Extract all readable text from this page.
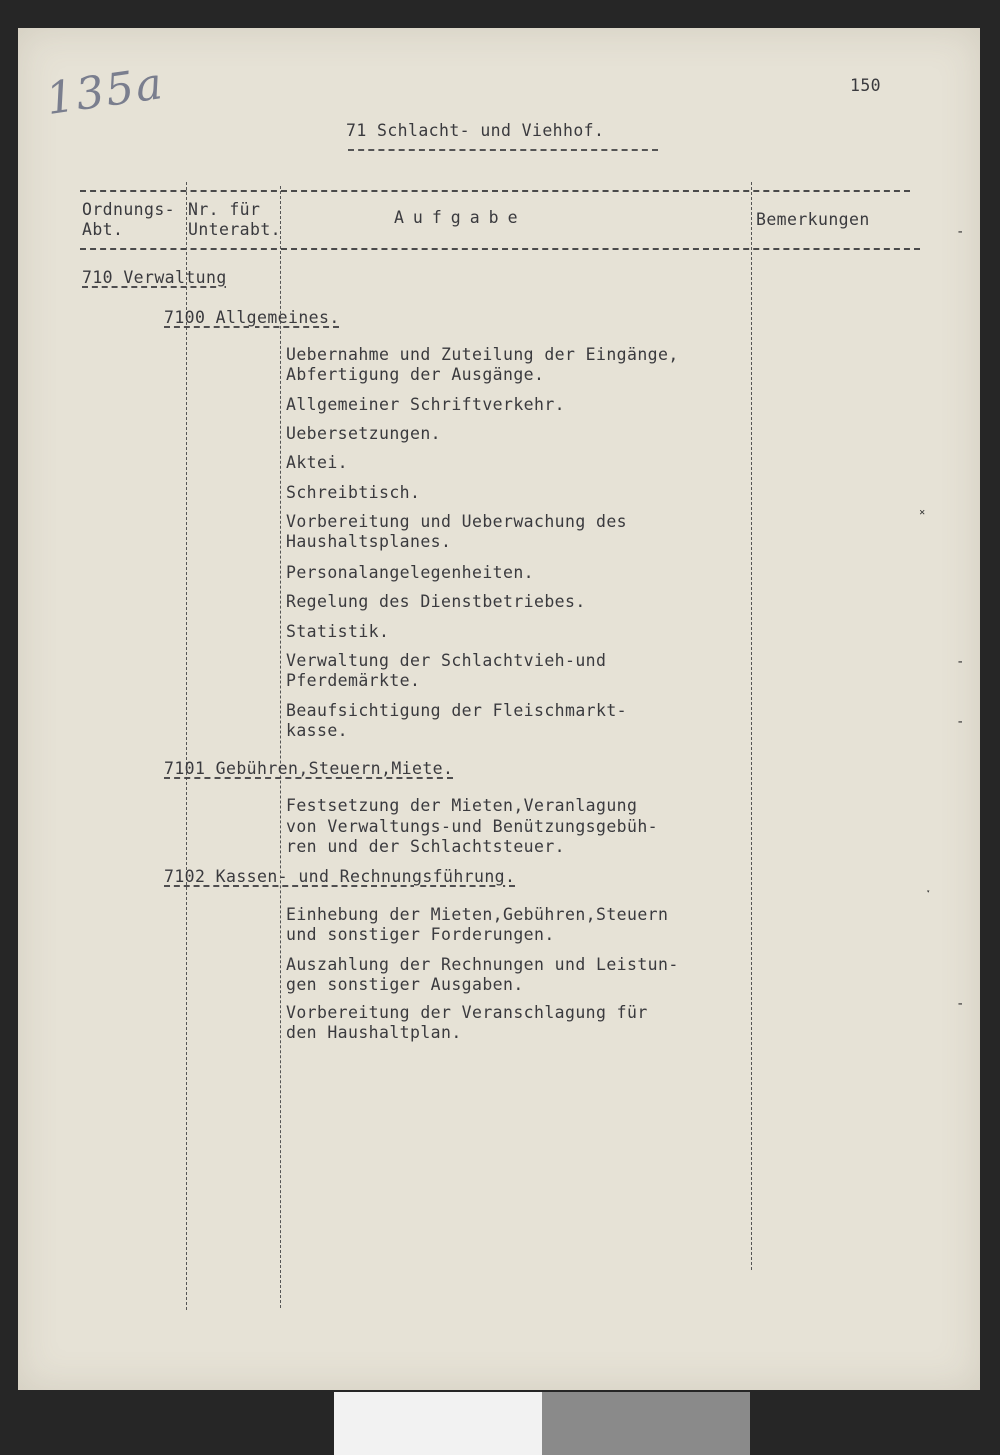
135a	150
71 Schlacht- und Viehhof.
Ordnungs-
Abt.
Nr. für
Unterabt.
Aufgabe	Bemerkungen
710 Verwaltung
7100 Allgemeines.
Uebernahme und Zuteilung der Eingänge,
Abfertigung der Ausgänge.
Allgemeiner Schriftverkehr.
Uebersetzungen.
Aktei.
Schreibtisch.
Vorbereitung und Ueberwachung des
Haushaltsplanes.
Personalangelegenheiten.
Regelung des Dienstbetriebes.
Statistik.
Verwaltung der Schlachtvieh-und
Pferdemärkte.
Beaufsichtigung der Fleischmarkt-
kasse.
7101 Gebühren,Steuern,Miete.
Festsetzung der Mieten,Veranlagung
von Verwaltungs-und Benützungsgebüh-
ren und der Schlachtsteuer.
7102 Kassen- und Rechnungsführung.
Einhebung der Mieten,Gebühren,Steuern
und sonstiger Forderungen.
Auszahlung der Rechnungen und Leistun-
gen sonstiger Ausgaben.
Vorbereitung der Veranschlagung für
den Haushaltplan.
-
˟
-
-
ˑ
-
